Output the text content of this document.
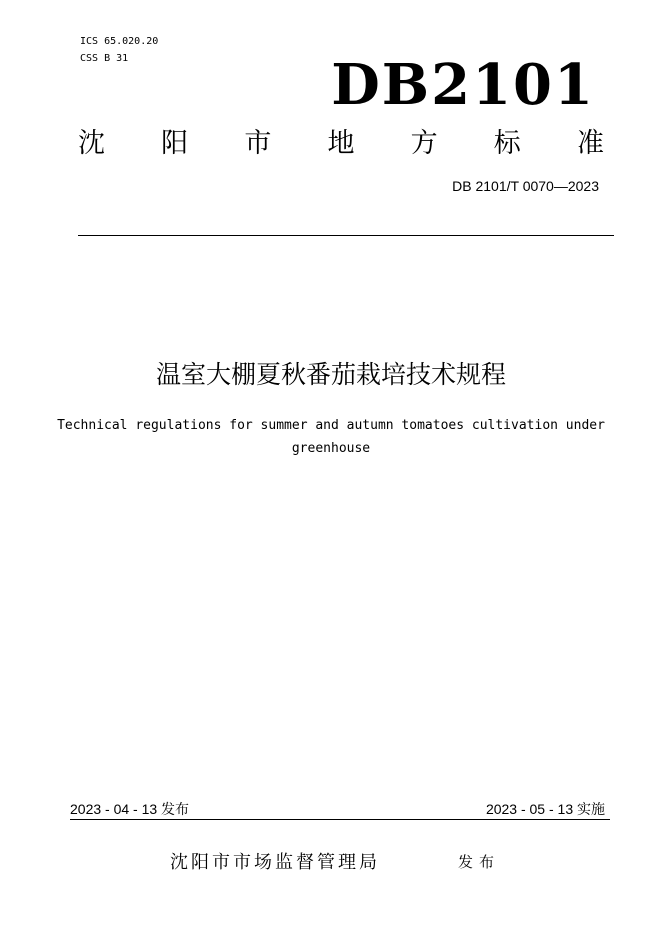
ICS 65.020.20
CSS B 31	DB2101
沈 阳 市 地 方 标 准
DB 2101/T 0070—2023
温室大棚夏秋番茄栽培技术规程
Technical regulations for summer and autumn tomatoes cultivation under
greenhouse
2023 - 04 - 13 发布	2023 - 05 - 13 实施
沈阳市市场监督管理局	发布
